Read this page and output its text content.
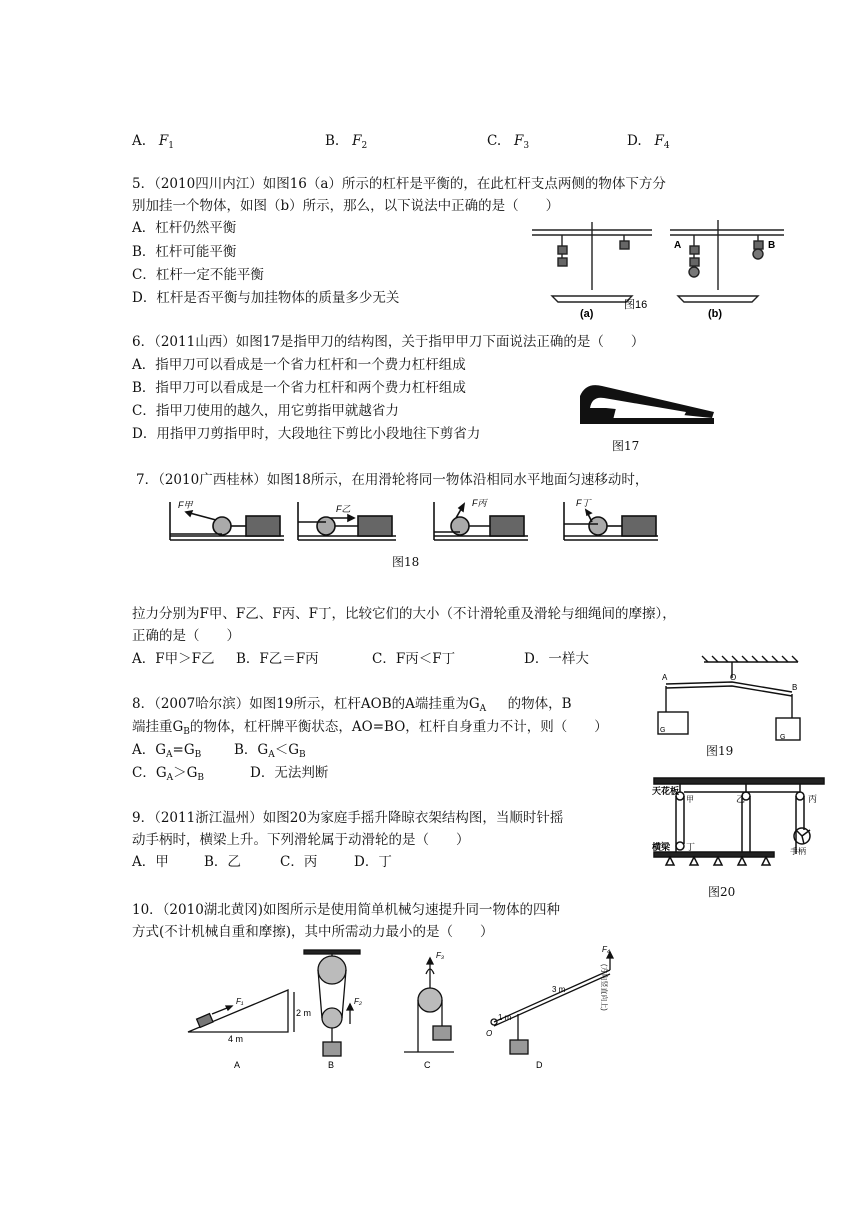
A. $F_1$	B. $F_2$	C. $F_3$	D. $F_4$
5．（2010四川内江）如图16（a）所示的杠杆是平衡的，在此杠杆支点两侧的物体下方分
别加挂一个物体，如图（b）所示，那么，以下说法中正确的是（　　）
A．杠杆仍然平衡
B．杠杆可能平衡
C．杠杆一定不能平衡
D．杠杆是否平衡与加挂物体的质量多少无关
A	B
(a)
图16
(b)
6．（2011山西）如图17是指甲刀的结构图，关于指甲甲刀下面说法正确的是（　　）
A．指甲刀可以看成是一个省力杠杆和一个费力杠杆组成
B．指甲刀可以看成是一个省力杠杆和两个费力杠杆组成
C．指甲刀使用的越久，用它剪指甲就越省力
D．用指甲刀剪指甲时，大段地往下剪比小段地往下剪省力
图17
7．（2010广西桂林）如图18所示，在用滑轮将同一物体沿相同水平地面匀速移动时，
F甲	F乙
F丙	F丁
图18
拉力分别为F甲、F乙、F丙、F丁，比较它们的大小（不计滑轮重及滑轮与细绳间的摩擦），
正确的是（　　）
A．F甲＞F乙 B．F乙＝F丙	C．F丙＜F丁	D．一样大
8．（2007哈尔滨）如图19所示，杠杆AOB的A端挂重为$G_A$ 的物体，B
端挂重$G_B$的物体，杠杆牌平衡状态，AO=BO，杠杆自身重力不计，则（　　）
A．$G_A=G_B$ B．$G_A<G_B$
C．$G_A>G_B$	D．无法判断
A	O
B
G
G
图19
9．（2011浙江温州）如图20为家庭手摇升降晾衣架结构图，当顺时针摇
动手柄时，横梁上升。下列滑轮属于动滑轮的是（　　）
A．甲	B．乙	C．丙	D．丁
天花板
甲	乙	丙
横梁 丁	手柄
图20
10．（2010湖北黄冈)如图所示是使用简单机械匀速提升同一物体的四种
方式(不计机械自重和摩擦)，其中所需动力最小的是（　　）
F₁
4 m
2 m
F₂
F₃
1 m
3 m
O
F₄
(方向竖直向上)
A	B	C	D
